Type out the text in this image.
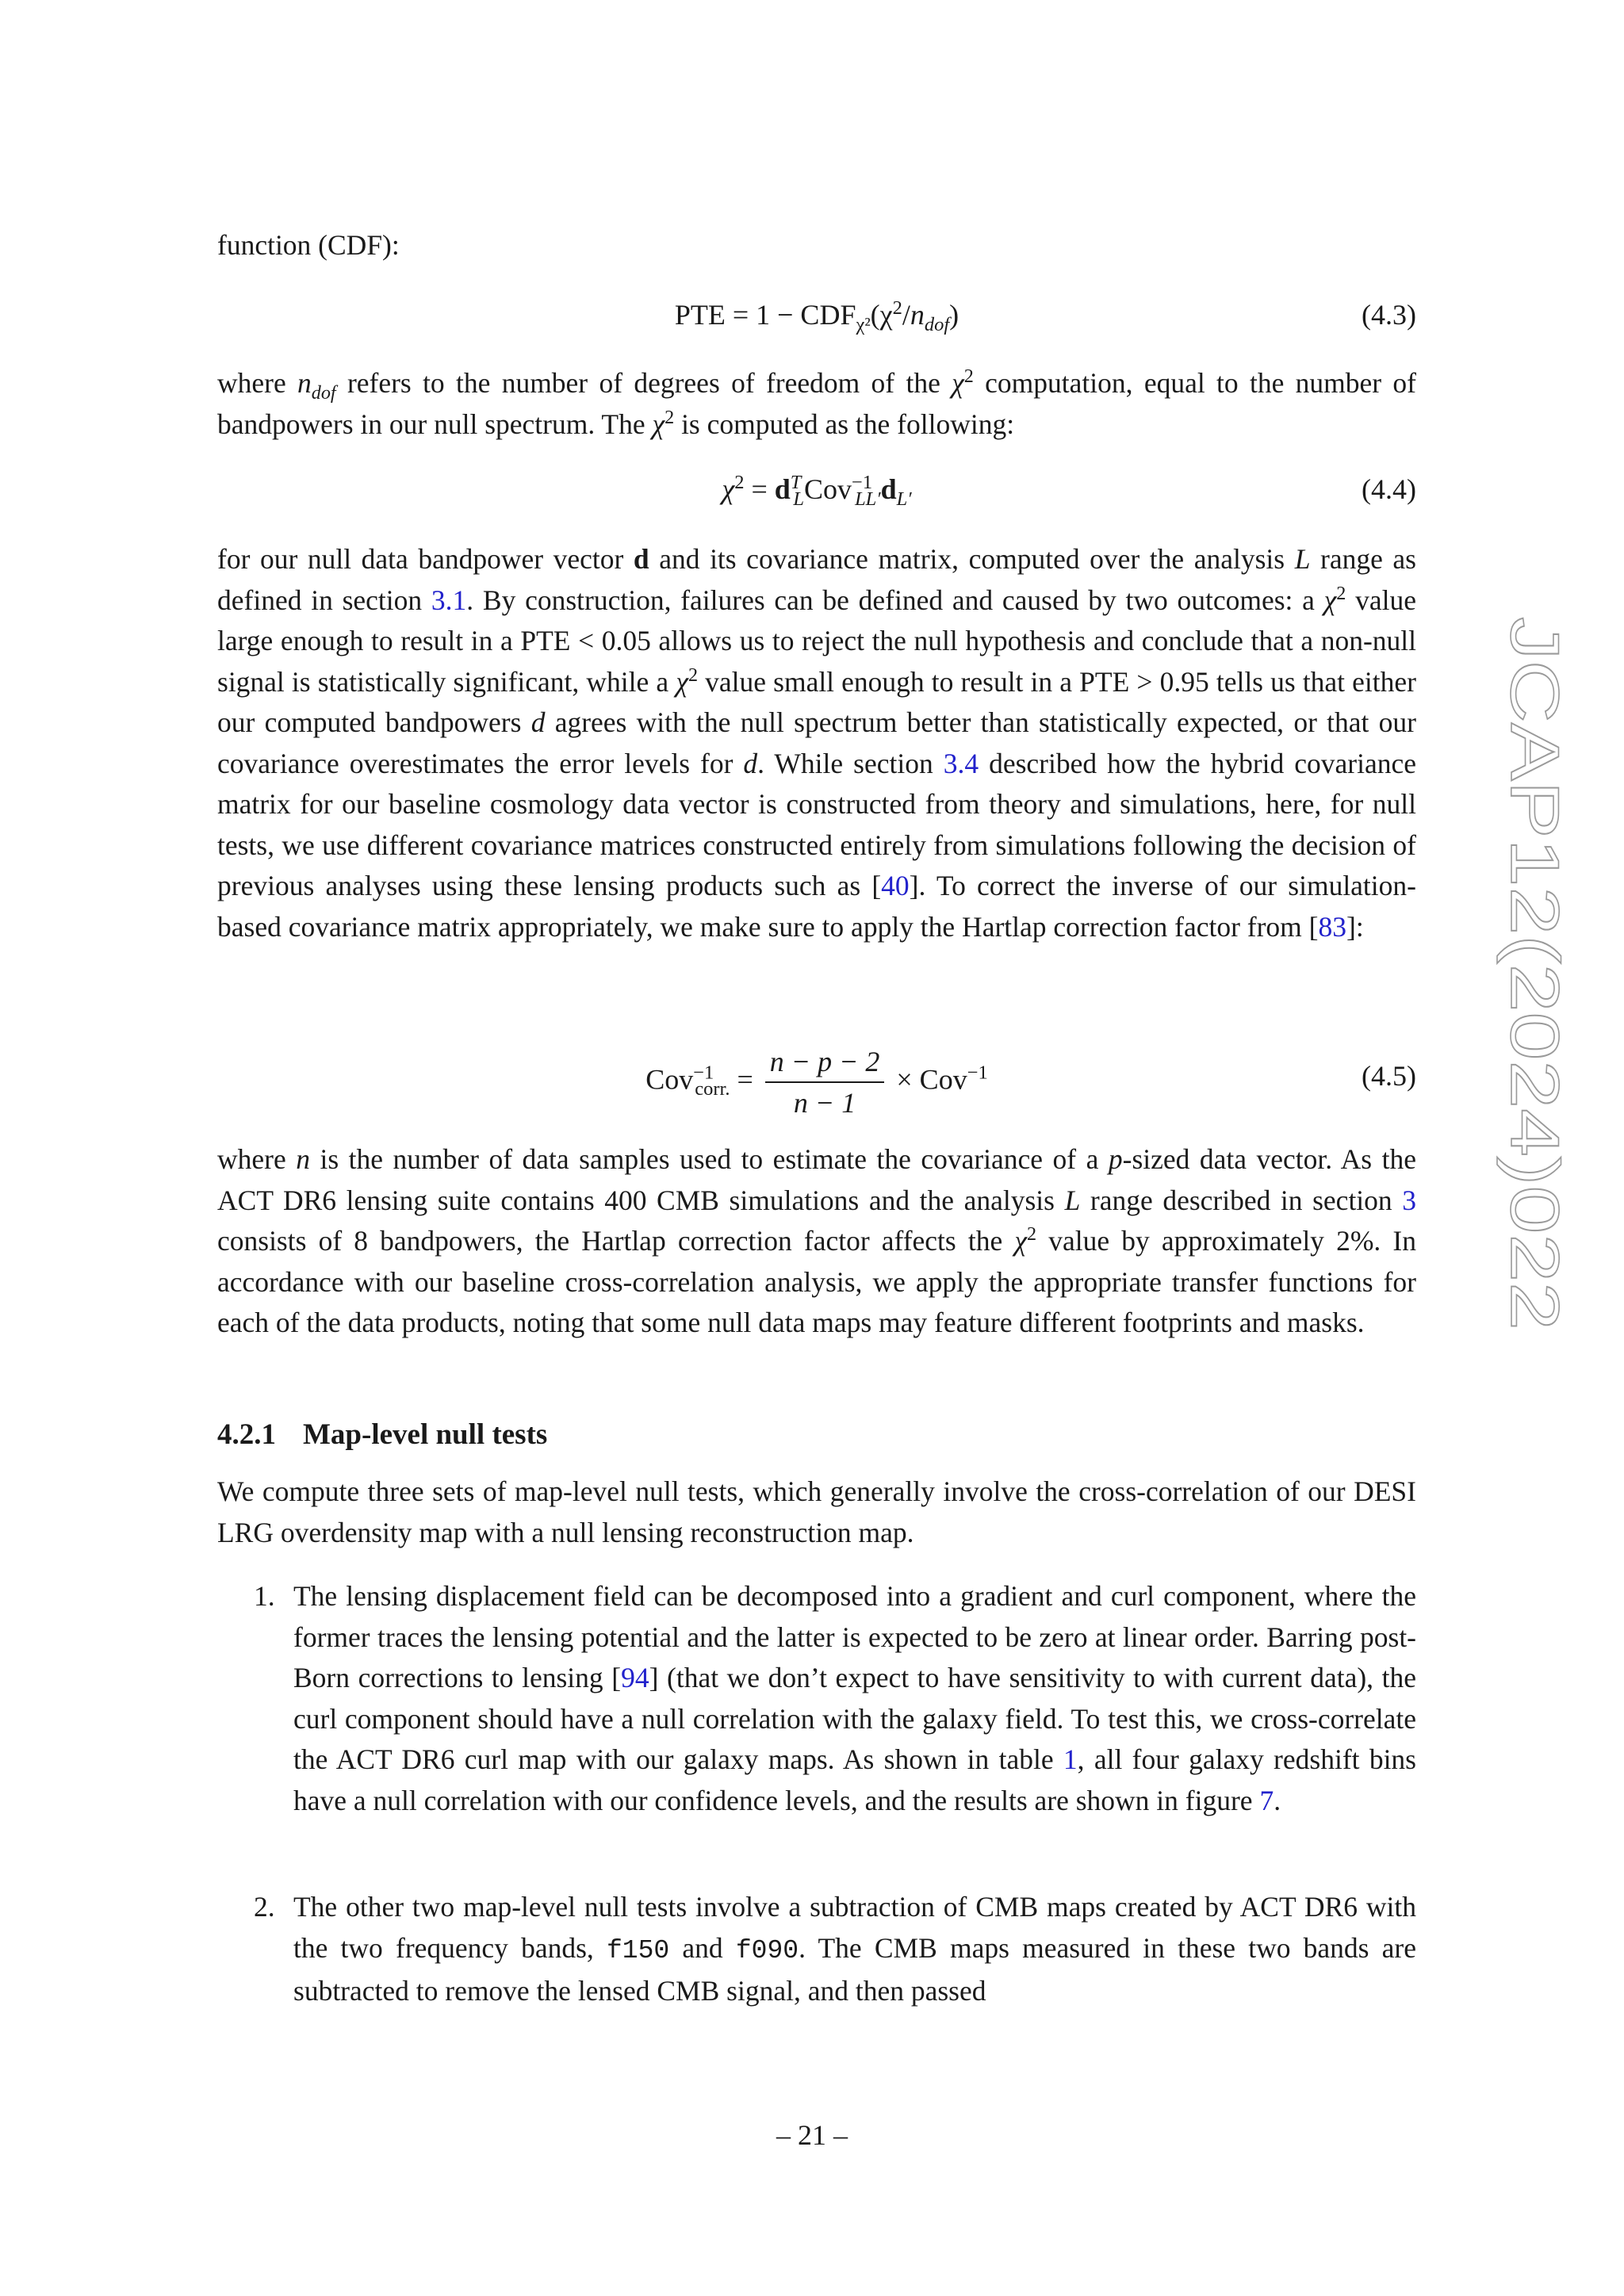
function (CDF):

PTE = $1 - CDF_{\chi^2}(\chi^2/n_{dof})$	(4.3)

where $n_{dof}$ refers to the number of degrees of freedom of the $\chi^2$ computation, equal to the number of bandpowers in our null spectrum. The $\chi^2$ is computed as the following:

$\chi^2 = d^T_LCov^{-1}_{LL'}d_{L'}$	(4.4)

for our null data bandpower vector d and its covariance matrix, computed over the analysis L range as defined in section 3.1. By construction, failures can be defined and caused by two outcomes: a $\chi^2$ value large enough to result in a PTE < 0.05 allows us to reject the null hypothesis and conclude that a non-null signal is statistically significant, while a $\chi^2$ value small enough to result in a PTE > 0.95 tells us that either our computed bandpowers d agrees with the null spectrum better than statistically expected, or that our covariance overestimates the error levels for d. While section 3.4 described how the hybrid covariance matrix for our baseline cosmology data vector is constructed from theory and simulations, here, for null tests, we use different covariance matrices constructed entirely from simulations following the decision of previous analyses using these lensing products such as [40]. To correct the inverse of our simulation-based covariance matrix appropriately, we make sure to apply the Hartlap correction factor from [83]:

$Cov^{-1}_{corr.} = \frac{n - p - 2}{n - 1} \times Cov^{-1}$	(4.5)

where n is the number of data samples used to estimate the covariance of a p-sized data vector. As the ACT DR6 lensing suite contains 400 CMB simulations and the analysis L range described in section 3 consists of 8 bandpowers, the Hartlap correction factor affects the $\chi^2$ value by approximately 2%. In accordance with our baseline cross-correlation analysis, we apply the appropriate transfer functions for each of the data products, noting that some null data maps may feature different footprints and masks.

4.2.1 Map-level null tests

We compute three sets of map-level null tests, which generally involve the cross-correlation of our DESI LRG overdensity map with a null lensing reconstruction map.

1. The lensing displacement field can be decomposed into a gradient and curl component, where the former traces the lensing potential and the latter is expected to be zero at linear order. Barring post-Born corrections to lensing [94] (that we don’t expect to have sensitivity to with current data), the curl component should have a null correlation with the galaxy field. To test this, we cross-correlate the ACT DR6 curl map with our galaxy maps. As shown in table 1, all four galaxy redshift bins have a null correlation with our confidence levels, and the results are shown in figure 7.

2. The other two map-level null tests involve a subtraction of CMB maps created by ACT DR6 with the two frequency bands, f150 and f090. The CMB maps measured in these two bands are subtracted to remove the lensed CMB signal, and then passed

JCAP12(2024)022
– 21 –
